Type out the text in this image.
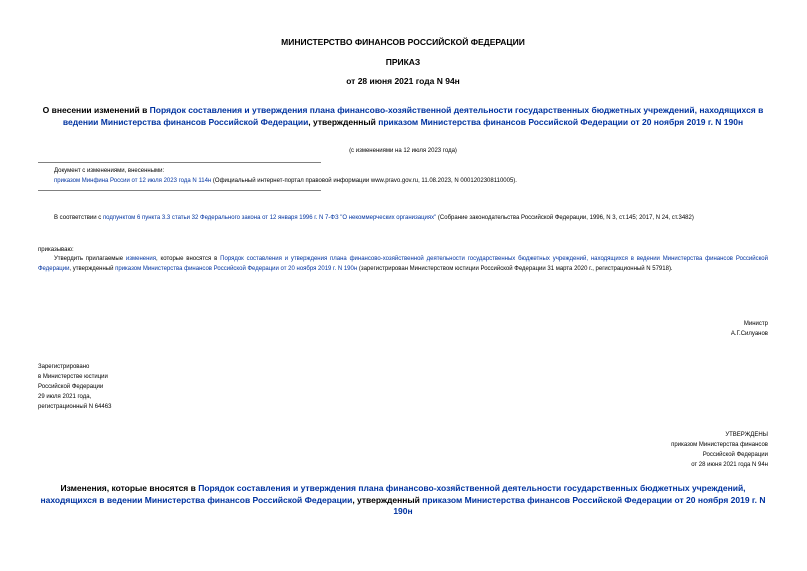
МИНИСТЕРСТВО ФИНАНСОВ РОССИЙСКОЙ ФЕДЕРАЦИИ
ПРИКАЗ
от 28 июня 2021 года N 94н
О внесении изменений в Порядок составления и утверждения плана финансово-хозяйственной деятельности государственных бюджетных учреждений, находящихся в ведении Министерства финансов Российской Федерации, утвержденный приказом Министерства финансов Российской Федерации от 20 ноября 2019 г. N 190н
(с изменениями на 12 июля 2023 года)
Документ с изменениями, внесенными:
приказом Минфина России от 12 июля 2023 года N 114н (Официальный интернет-портал правовой информации www.pravo.gov.ru, 11.08.2023, N 0001202308110005).
В соответствии с подпунктом 6 пункта 3.3 статьи 32 Федерального закона от 12 января 1996 г. N 7-ФЗ "О некоммерческих организациях" (Собрание законодательства Российской Федерации, 1996, N 3, ст.145; 2017, N 24, ст.3482)
приказываю:
Утвердить прилагаемые изменения, которые вносятся в Порядок составления и утверждения плана финансово-хозяйственной деятельности государственных бюджетных учреждений, находящихся в ведении Министерства финансов Российской Федерации, утвержденный приказом Министерства финансов Российской Федерации от 20 ноября 2019 г. N 190н (зарегистрирован Министерством юстиции Российской Федерации 31 марта 2020 г., регистрационный N 57918).
Министр
А.Г.Силуанов
Зарегистрировано
в Министерстве юстиции
Российской Федерации
29 июля 2021 года,
регистрационный N 64463
УТВЕРЖДЕНЫ
приказом Министерства финансов
Российской Федерации
от 28 июня 2021 года N 94н
Изменения, которые вносятся в Порядок составления и утверждения плана финансово-хозяйственной деятельности государственных бюджетных учреждений, находящихся в ведении Министерства финансов Российской Федерации, утвержденный приказом Министерства финансов Российской Федерации от 20 ноября 2019 г. N 190н
